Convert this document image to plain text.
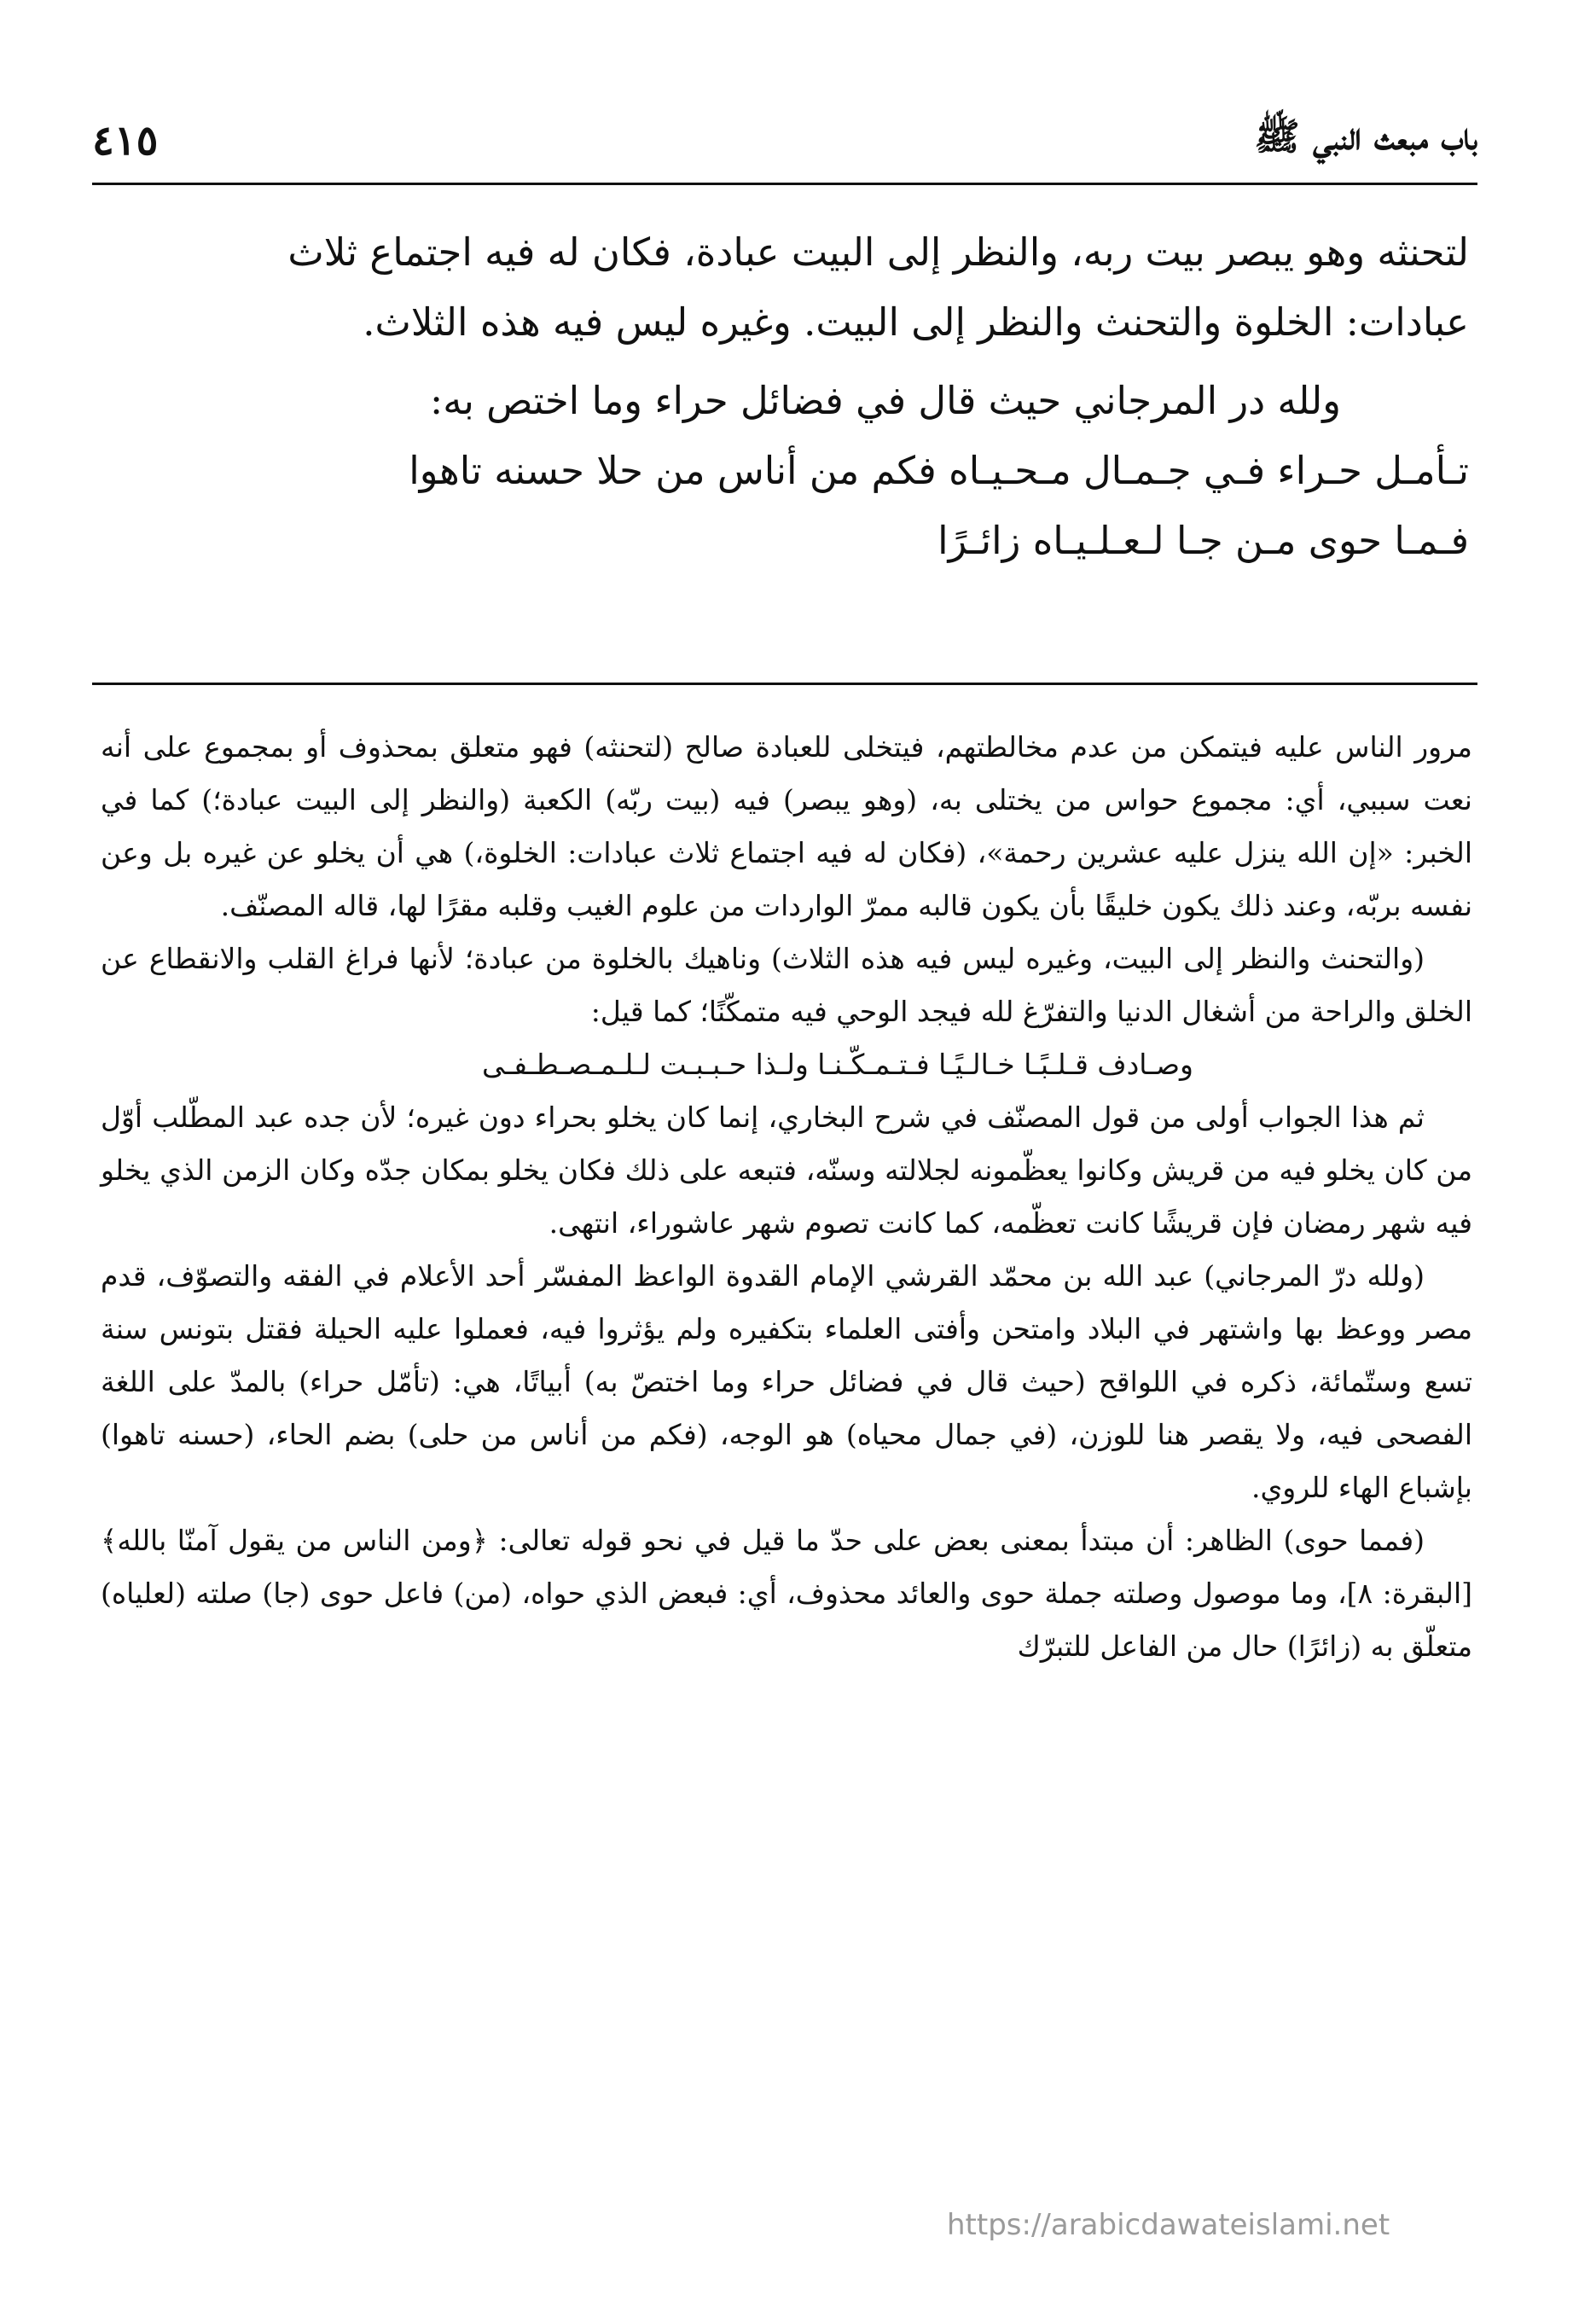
باب مبعث النبي ﷺ
٤١٥

لتحنثه وهو يبصر بيت ربه، والنظر إلى البيت عبادة، فكان له فيه اجتماع ثلاث

عبادات: الخلوة والتحنث والنظر إلى البيت. وغيره ليس فيه هذه الثلاث.

ولله در المرجاني حيث قال في فضائل حراء وما اختص به:
تـأمـل حـراء فـي جـمـال مـحـيـاه فكم من أناس من حلا حسنه تاهوا
فـمـا حوى مـن جـا لـعـلـيـاه زائـرًا

مرور الناس عليه فيتمكن من عدم مخالطتهم، فيتخلى للعبادة صالح (لتحنثه) فهو متعلق بمحذوف أو بمجموع على أنه نعت سببي، أي: مجموع حواس من يختلى به، (وهو يبصر) فيه (بيت ربّه) الكعبة (والنظر إلى البيت عبادة؛) كما في الخبر: «إن الله ينزل عليه عشرين رحمة»، (فكان له فيه اجتماع ثلاث عبادات: الخلوة،) هي أن يخلو عن غيره بل وعن نفسه بربّه، وعند ذلك يكون خليقًا بأن يكون قالبه ممرّ الواردات من علوم الغيب وقلبه مقرًا لها، قاله المصنّف.

(والتحنث والنظر إلى البيت، وغيره ليس فيه هذه الثلاث) وناهيك بالخلوة من عبادة؛ لأنها فراغ القلب والانقطاع عن الخلق والراحة من أشغال الدنيا والتفرّغ لله فيجد الوحي فيه متمكّنًا؛ كما قيل:

وصـادف قـلـبًـا خـالـيًـا فـتـمـكّـنـا ولـذا حـبـبـت لـلـمـصـطـفـى

ثم هذا الجواب أولى من قول المصنّف في شرح البخاري، إنما كان يخلو بحراء دون غيره؛ لأن جده عبد المطّلب أوّل من كان يخلو فيه من قريش وكانوا يعظّمونه لجلالته وسنّه، فتبعه على ذلك فكان يخلو بمكان جدّه وكان الزمن الذي يخلو فيه شهر رمضان فإن قريشًا كانت تعظّمه، كما كانت تصوم شهر عاشوراء، انتهى.

(ولله درّ المرجاني) عبد الله بن محمّد القرشي الإمام القدوة الواعظ المفسّر أحد الأعلام في الفقه والتصوّف، قدم مصر ووعظ بها واشتهر في البلاد وامتحن وأفتى العلماء بتكفيره ولم يؤثروا فيه، فعملوا عليه الحيلة فقتل بتونس سنة تسع وستّمائة، ذكره في اللواقح (حيث قال في فضائل حراء وما اختصّ به) أبياتًا، هي: (تأمّل حراء) بالمدّ على اللغة الفصحى فيه، ولا يقصر هنا للوزن، (في جمال محياه) هو الوجه، (فكم من أناس من حلى) بضم الحاء، (حسنه تاهوا) بإشباع الهاء للروي.

(فمما حوى) الظاهر: أن مبتدأ بمعنى بعض على حدّ ما قيل في نحو قوله تعالى: ﴿ومن الناس من يقول آمنّا بالله﴾ [البقرة: ٨]، وما موصول وصلته جملة حوى والعائد محذوف، أي: فبعض الذي حواه، (من) فاعل حوى (جا) صلته (لعلياه) متعلّق به (زائرًا) حال من الفاعل للتبرّك

https://arabicdawateislami.net
